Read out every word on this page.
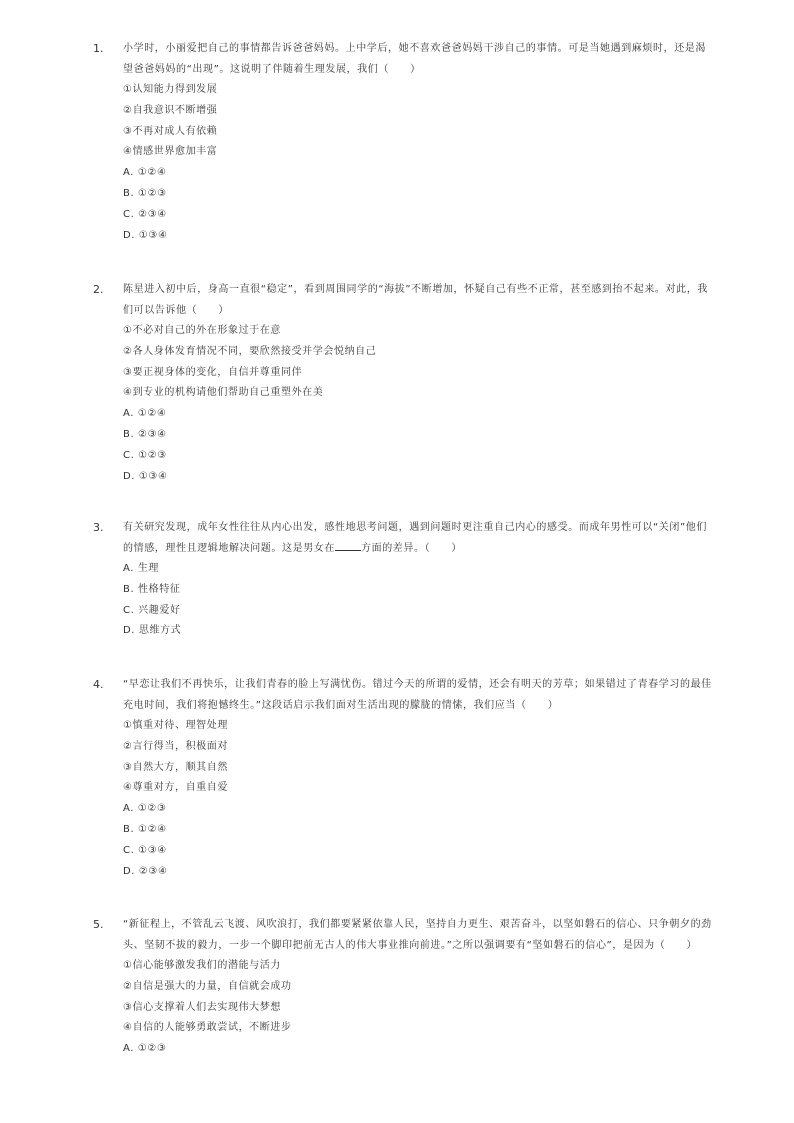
1. 小学时，小丽爱把自己的事情都告诉爸爸妈妈。上中学后，她不喜欢爸爸妈妈干涉自己的事情。可是当她遇到麻烦时，还是渴望爸爸妈妈的“出现”。这说明了伴随着生理发展，我们（　　）

①认知能力得到发展

②自我意识不断增强

③不再对成人有依赖

④情感世界愈加丰富

A. ①②④

B. ①②③

C. ②③④

D. ①③④

2. 陈星进入初中后，身高一直很“稳定”，看到周围同学的“海拔”不断增加，怀疑自己有些不正常，甚至感到抬不起来。对此，我们可以告诉他（　　）

①不必对自己的外在形象过于在意

②各人身体发育情况不同，要欣然接受并学会悦纳自己

③要正视身体的变化，自信并尊重同伴

④到专业的机构请他们帮助自己重塑外在美

A. ①②④

B. ②③④

C. ①②③

D. ①③④

3. 有关研究发现，成年女性往往从内心出发，感性地思考问题，遇到问题时更注重自己内心的感受。而成年男性可以“关闭”他们的情感，理性且逻辑地解决问题。这是男女在	方面的差异。（　　）

A. 生理

B. 性格特征

C. 兴趣爱好

D. 思维方式

4. “早恋让我们不再快乐，让我们青春的脸上写满忧伤。错过今天的所谓的爱情，还会有明天的芳草；如果错过了青春学习的最佳充电时间，我们将抱憾终生。”这段话启示我们面对生活出现的朦胧的情愫，我们应当（　　）

①慎重对待、理智处理

②言行得当，积极面对

③自然大方，顺其自然

④尊重对方，自重自爱

A. ①②③

B. ①②④

C. ①③④

D. ②③④

5. “新征程上，不管乱云飞渡、风吹浪打，我们都要紧紧依靠人民，坚持自力更生、艰苦奋斗，以坚如磐石的信心、只争朝夕的劲头、坚韧不拔的毅力，一步一个脚印把前无古人的伟大事业推向前进。”之所以强调要有“坚如磐石的信心”，是因为（　　）

①信心能够激发我们的潜能与活力

②自信是强大的力量，自信就会成功

③信心支撑着人们去实现伟大梦想

④自信的人能够勇敢尝试，不断进步

A. ①②③
